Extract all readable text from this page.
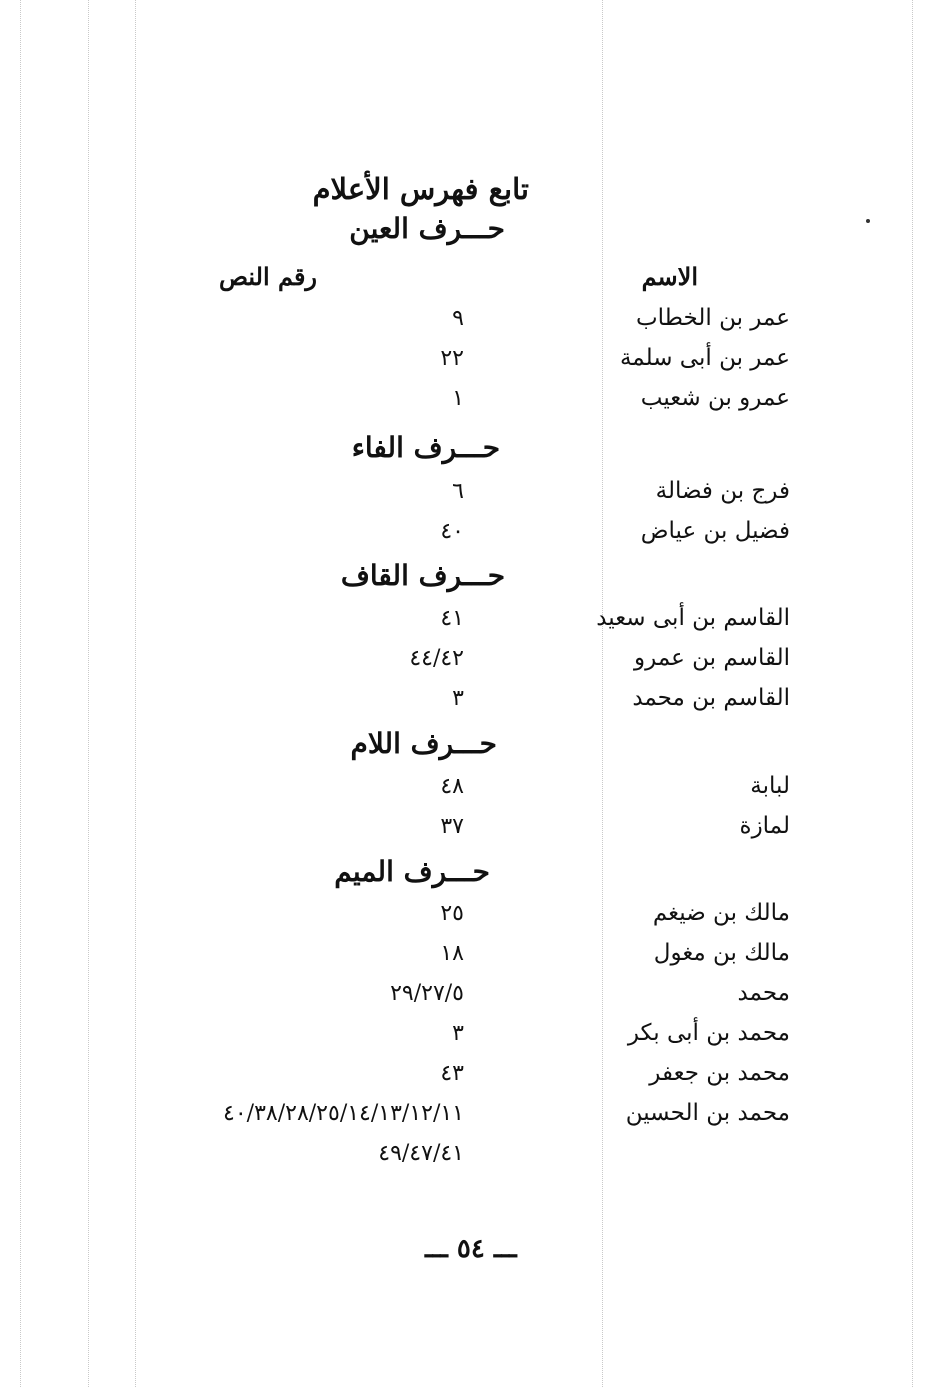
تابع فهرس الأعلام
حـــرف العين
الاسم
رقم النص
عمر بن الخطاب
٩
عمر بن أبى سلمة
٢٢
عمرو بن شعيب
١
حـــرف الفاء
فرج بن فضالة
٦
فضيل بن عياض
٤٠
حـــرف القاف
القاسم بن أبى سعيد
٤١
القاسم بن عمرو
٤٤/٤٢
القاسم بن محمد
٣
حـــرف اللام
لبابة
٤٨
لمازة
٣٧
حـــرف الميم
مالك بن ضيغم
٢٥
مالك بن مغول
١٨
محمد
٢٩/٢٧/٥
محمد بن أبى بكر
٣
محمد بن جعفر
٤٣
محمد بن الحسين
٤٠/٣٨/٢٨/٢٥/١٤/١٣/١٢/١١
٤٩/٤٧/٤١
ـــ ٥٤ ـــ
